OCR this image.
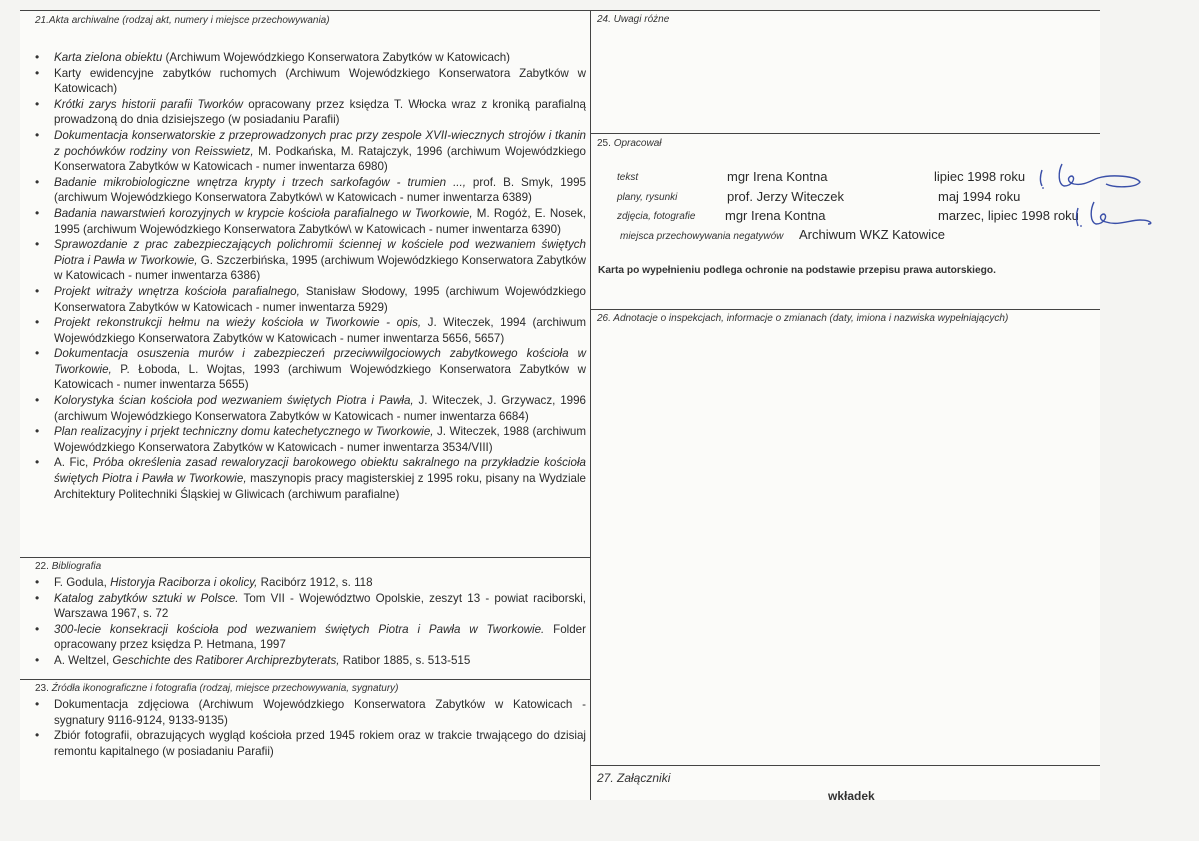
21.Akta archiwalne (rodzaj akt, numery i miejsce przechowywania)
• Karta zielona obiektu (Archiwum Wojewódzkiego Konserwatora Zabytków w Katowicach)
• Karty ewidencyjne zabytków ruchomych (Archiwum Wojewódzkiego Konserwatora Zabytków w Katowicach)
• Krótki zarys historii parafii Tworków opracowany przez księdza T. Włocka wraz z kroniką parafialną prowadzoną do dnia dzisiejszego (w posiadaniu Parafii)
• Dokumentacja konserwatorskie z przeprowadzonych prac przy zespole XVII-wiecznych strojów i tkanin z pochówków rodziny von Reisswietz, M. Podkańska, M. Ratajczyk, 1996 (archiwum Wojewódzkiego Konserwatora Zabytków w Katowicach - numer inwentarza 6980)
• Badanie mikrobiologiczne wnętrza krypty i trzech sarkofagów - trumien ..., prof. B. Smyk, 1995 (archiwum Wojewódzkiego Konserwatora Zabytków\ w Katowicach - numer inwentarza 6389)
• Badania nawarstwień korozyjnych w krypcie kościoła parafialnego w Tworkowie, M. Rogóż, E. Nosek, 1995 (archiwum Wojewódzkiego Konserwatora Zabytków\ w Katowicach - numer inwentarza 6390)
• Sprawozdanie z prac zabezpieczających polichromii ściennej w kościele pod wezwaniem świętych Piotra i Pawła w Tworkowie, G. Szczerbińska, 1995 (archiwum Wojewódzkiego Konserwatora Zabytków w Katowicach - numer inwentarza 6386)
• Projekt witraży wnętrza kościoła parafialnego, Stanisław Słodowy, 1995 (archiwum Wojewódzkiego Konserwatora Zabytków w Katowicach - numer inwentarza 5929)
• Projekt rekonstrukcji hełmu na wieży kościoła w Tworkowie - opis, J. Witeczek, 1994 (archiwum Wojewódzkiego Konserwatora Zabytków w Katowicach - numer inwentarza 5656, 5657)
• Dokumentacja osuszenia murów i zabezpieczeń przeciwwilgociowych zabytkowego kościoła w Tworkowie, P. Łoboda, L. Wojtas, 1993 (archiwum Wojewódzkiego Konserwatora Zabytków w Katowicach - numer inwentarza 5655)
• Kolorystyka ścian kościoła pod wezwaniem świętych Piotra i Pawła, J. Witeczek, J. Grzywacz, 1996 (archiwum Wojewódzkiego Konserwatora Zabytków w Katowicach - numer inwentarza 6684)
• Plan realizacyjny i prjekt techniczny domu katechetycznego w Tworkowie, J. Witeczek, 1988 (archiwum Wojewódzkiego Konserwatora Zabytków w Katowicach - numer inwentarza 3534/VIII)
• A. Fic, Próba określenia zasad rewaloryzacji barokowego obiektu sakralnego na przykładzie kościoła świętych Piotra i Pawła w Tworkowie, maszynopis pracy magisterskiej z 1995 roku, pisany na Wydziale Architektury Politechniki Śląskiej w Gliwicach (archiwum parafialne)
22. Bibliografia
• F. Godula, Historyja Raciborza i okolicy, Racibórz 1912, s. 118
• Katalog zabytków sztuki w Polsce. Tom VII - Województwo Opolskie, zeszyt 13 - powiat raciborski, Warszawa 1967, s. 72
• 300-lecie konsekracji kościoła pod wezwaniem świętych Piotra i Pawła w Tworkowie. Folder opracowany przez księdza P. Hetmana, 1997
• A. Weltzel, Geschichte des Ratiborer Archiprezbyterats, Ratibor 1885, s. 513-515
23. Źródła ikonograficzne i fotografia (rodzaj, miejsce przechowywania, sygnatury)
• Dokumentacja zdjęciowa (Archiwum Wojewódzkiego Konserwatora Zabytków w Katowicach - sygnatury 9116-9124, 9133-9135)
• Zbiór fotografii, obrazujących wygląd kościoła przed 1945 rokiem oraz w trakcie trwającego do dzisiaj remontu kapitalnego (w posiadaniu Parafii)
24. Uwagi różne
25. Opracował
tekst	mgr Irena Kontna	lipiec 1998 roku
plany, rysunki	prof. Jerzy Witeczek	maj 1994 roku
zdjęcia, fotografie mgr Irena Kontna	marzec, lipiec 1998 roku
miejsca przechowywania negatywów Archiwum WKZ Katowice
Karta po wypełnieniu podlega ochronie na podstawie przepisu prawa autorskiego.
26. Adnotacje o inspekcjach, informacje o zmianach (daty, imiona i nazwiska wypełniających)
27. Załączniki
wkładek
